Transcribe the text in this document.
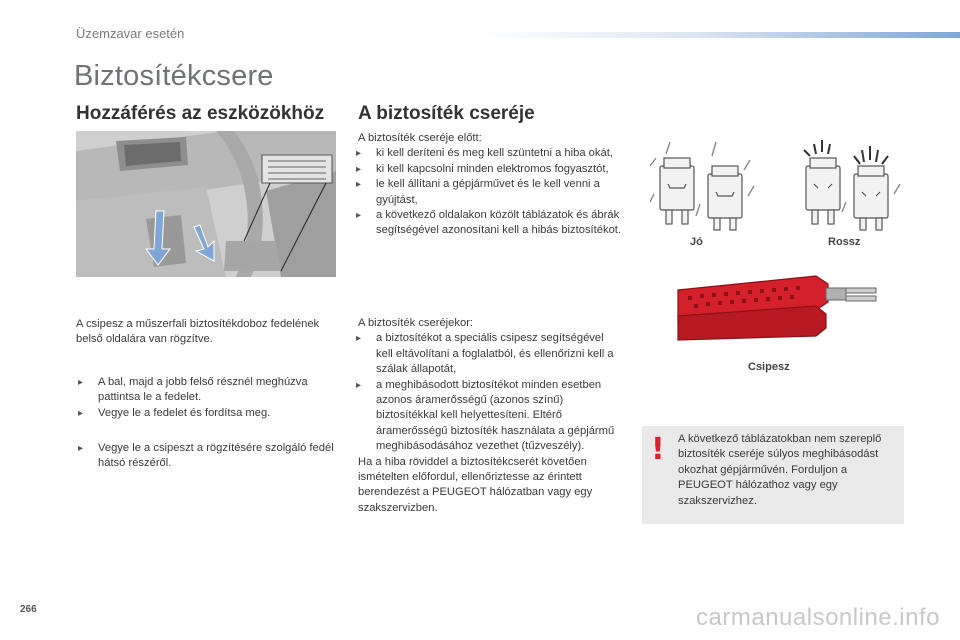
Üzemzavar esetén
Biztosítékcsere
Hozzáférés az eszközökhöz

A csipesz a műszerfali biztosítékdoboz fedelének belső oldalára van rögzítve.

▸ A bal, majd a jobb felső résznél meghúzva pattintsa le a fedelet.
▸ Vegye le a fedelet és fordítsa meg.
▸ Vegye le a csipeszt a rögzítésére szolgáló fedél hátsó részéről.
A biztosíték cseréje
A biztosíték cseréje előtt:
▸ ki kell deríteni és meg kell szüntetni a hiba okát,
▸ ki kell kapcsolni minden elektromos fogyasztót,
▸ le kell állítani a gépjárművet és le kell venni a gyújtást,
▸ a következő oldalakon közölt táblázatok és ábrák segítségével azonosítani kell a hibás biztosítékot.
A biztosíték cseréjekor:
▸ a biztosítékot a speciális csipesz segítségével kell eltávolítani a foglalatból, és ellenőrizni kell a szálak állapotát,
▸ a meghibásodott biztosítékot minden esetben azonos áramerősségű (azonos színű) biztosítékkal kell helyettesíteni. Eltérő áramerősségű biztosíték használata a gépjármű meghibásodásához vezethet (tűzveszély).

Ha a hiba röviddel a biztosítékcserét követően ismételten előfordul, ellenőriztesse az érintett berendezést a PEUGEOT hálózatban vagy egy szakszervizben.

Jó	Rossz
Csipesz
! A következő táblázatokban nem szereplő biztosíték cseréje súlyos meghibásodást okozhat gépjárművén. Forduljon a PEUGEOT hálózathoz vagy egy szakszervizhez.

266	carmanualsonline.info
